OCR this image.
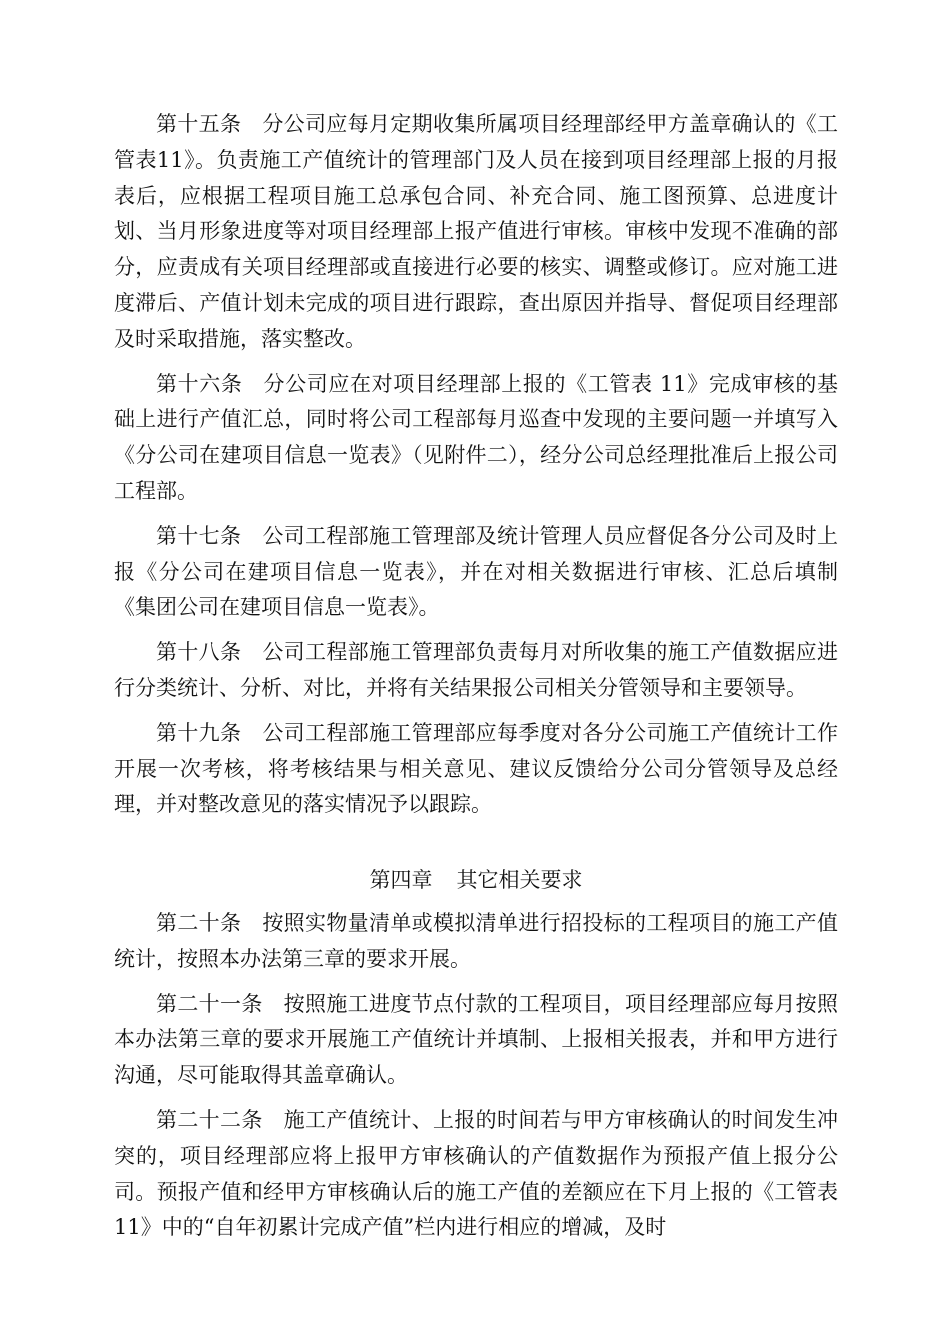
第十五条 分公司应每月定期收集所属项目经理部经甲方盖章确认的《工管表11》。负责施工产值统计的管理部门及人员在接到项目经理部上报的月报表后，应根据工程项目施工总承包合同、补充合同、施工图预算、总进度计划、当月形象进度等对项目经理部上报产值进行审核。审核中发现不准确的部分，应责成有关项目经理部或直接进行必要的核实、调整或修订。应对施工进度滞后、产值计划未完成的项目进行跟踪，查出原因并指导、督促项目经理部及时采取措施，落实整改。

第十六条 分公司应在对项目经理部上报的《工管表 11》完成审核的基础上进行产值汇总，同时将公司工程部每月巡查中发现的主要问题一并填写入《分公司在建项目信息一览表》（见附件二），经分公司总经理批准后上报公司工程部。

第十七条 公司工程部施工管理部及统计管理人员应督促各分公司及时上报《分公司在建项目信息一览表》，并在对相关数据进行审核、汇总后填制《集团公司在建项目信息一览表》。

第十八条 公司工程部施工管理部负责每月对所收集的施工产值数据应进行分类统计、分析、对比，并将有关结果报公司相关分管领导和主要领导。

第十九条 公司工程部施工管理部应每季度对各分公司施工产值统计工作开展一次考核，将考核结果与相关意见、建议反馈给分公司分管领导及总经理，并对整改意见的落实情况予以跟踪。

第四章 其它相关要求

第二十条 按照实物量清单或模拟清单进行招投标的工程项目的施工产值统计，按照本办法第三章的要求开展。

第二十一条 按照施工进度节点付款的工程项目，项目经理部应每月按照本办法第三章的要求开展施工产值统计并填制、上报相关报表，并和甲方进行沟通，尽可能取得其盖章确认。

第二十二条 施工产值统计、上报的时间若与甲方审核确认的时间发生冲突的，项目经理部应将上报甲方审核确认的产值数据作为预报产值上报分公司。预报产值和经甲方审核确认后的施工产值的差额应在下月上报的《工管表 11》中的“自年初累计完成产值”栏内进行相应的增减，及时
